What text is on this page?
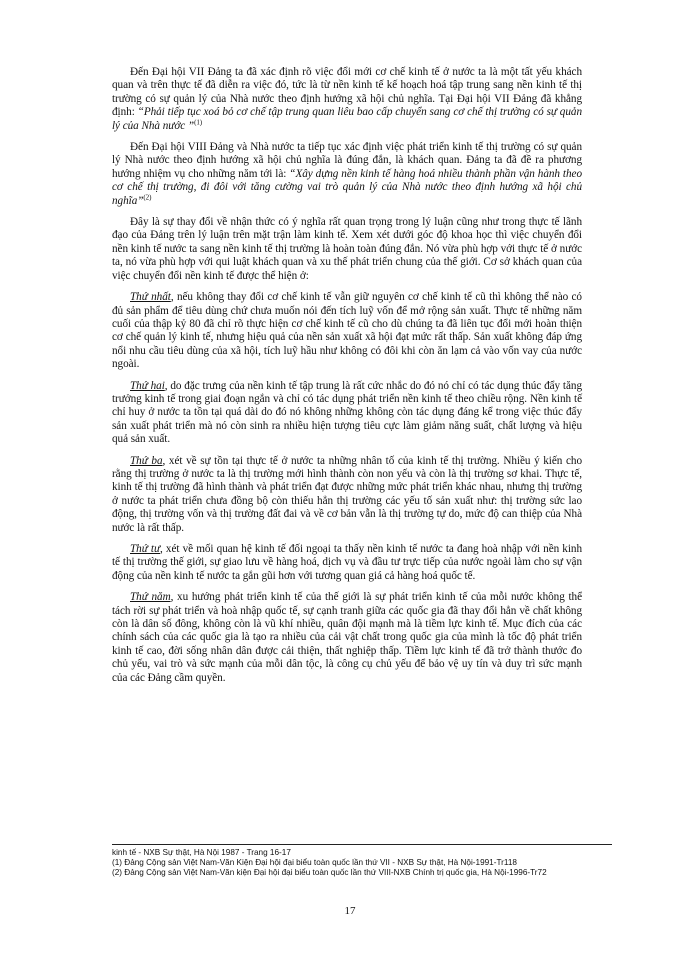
Đến Đại hội VII Đảng ta đã xác định rõ việc đổi mới cơ chế kinh tế ở nước ta là một tất yếu khách quan và trên thực tế đã diễn ra việc đó, tức là từ nền kinh tế kế hoạch hoá tập trung sang nền kinh tế thị trường có sự quản lý của Nhà nước theo định hướng xã hội chủ nghĩa. Tại Đại hội VII Đảng đã khẳng định: “Phải tiếp tục xoá bỏ cơ chế tập trung quan liêu bao cấp chuyển sang cơ chế thị trường có sự quản lý của Nhà nước ”$^{(1)}$

Đến Đại hội VIII Đảng và Nhà nước ta tiếp tục xác định việc phát triển kinh tế thị trường có sự quản lý Nhà nước theo định hướng xã hội chủ nghĩa là đúng đắn, là khách quan. Đảng ta đã đề ra phương hướng nhiệm vụ cho những năm tới là: “Xây dựng nền kinh tế hàng hoá nhiều thành phần vận hành theo cơ chế thị trường, đi đôi với tăng cường vai trò quản lý của Nhà nước theo định hướng xã hội chủ nghĩa”$^{(2)}$

Đây là sự thay đổi về nhận thức có ý nghĩa rất quan trọng trong lý luận cũng như trong thực tế lãnh đạo của Đảng trên lý luận trên mặt trận làm kinh tế. Xem xét dưới góc độ khoa học thì việc chuyển đổi nền kinh tế nước ta sang nền kinh tế thị trường là hoàn toàn đúng đắn. Nó vừa phù hợp với thực tế ở nước ta, nó vừa phù hợp với qui luật khách quan và xu thế phát triển chung của thế giới. Cơ sở khách quan của việc chuyển đổi nền kinh tế được thể hiện ở:

Thứ nhất, nếu không thay đổi cơ chế kinh tế vẫn giữ nguyên cơ chế kinh tế cũ thì không thể nào có đủ sản phẩm để tiêu dùng chứ chưa muốn nói đến tích luỹ vốn để mở rộng sản xuất. Thực tế những năm cuối của thập kỷ 80 đã chỉ rõ thực hiện cơ chế kinh tế cũ cho dù chúng ta đã liên tục đổi mới hoàn thiện cơ chế quản lý kinh tế, nhưng hiệu quả của nền sản xuất xã hội đạt mức rất thấp. Sản xuất không đáp ứng nổi nhu cầu tiêu dùng của xã hội, tích luỹ hầu như không có đôi khi còn ăn lạm cả vào vốn vay của nước ngoài.

Thứ hai, do đặc trưng của nền kinh tế tập trung là rất cức nhắc do đó nó chỉ có tác dụng thúc đẩy tăng trưởng kinh tế trong giai đoạn ngắn và chỉ có tác dụng phát triển nền kinh tế theo chiều rộng. Nền kinh tế chỉ huy ở nước ta tồn tại quá dài do đó nó không những không còn tác dụng đáng kể trong việc thúc đẩy sản xuất phát triển mà nó còn sinh ra nhiều hiện tượng tiêu cực làm giảm năng suất, chất lượng và hiệu quả sản xuất.

Thứ ba, xét về sự tồn tại thực tế ở nước ta những nhân tố của kinh tế thị trường. Nhiều ý kiến cho rằng thị trường ở nước ta là thị trường mới hình thành còn non yếu và còn là thị trường sơ khai. Thực tế, kinh tế thị trường đã hình thành và phát triển đạt được những mức phát triển khác nhau, nhưng thị trường ở nước ta phát triển chưa đồng bộ còn thiếu hẳn thị trường các yếu tố sản xuất như: thị trường sức lao động, thị trường vốn và thị trường đất đai và về cơ bản vẫn là thị trường tự do, mức độ can thiệp của Nhà nước là rất thấp.

Thứ tư, xét về mối quan hệ kinh tế đối ngoại ta thấy nền kinh tế nước ta đang hoà nhập với nền kinh tế thị trường thế giới, sự giao lưu về hàng hoá, dịch vụ và đầu tư trực tiếp của nước ngoài làm cho sự vận động của nền kinh tế nước ta gắn gũi hơn với tương quan giá cả hàng hoá quốc tế.

Thứ năm, xu hướng phát triển kinh tế của thế giới là sự phát triển kinh tế của mỗi nước không thể tách rời sự phát triển và hoà nhập quốc tế, sự cạnh tranh giữa các quốc gia đã thay đổi hẳn về chất không còn là dân số đông, không còn là vũ khí nhiều, quân đội mạnh mà là tiềm lực kinh tế. Mục đích của các chính sách của các quốc gia là tạo ra nhiều của cải vật chất trong quốc gia của mình là tốc độ phát triển kinh tế cao, đời sống nhân dân được cải thiện, thất nghiệp thấp. Tiềm lực kinh tế đã trở thành thước đo chủ yếu, vai trò và sức mạnh của mỗi dân tộc, là công cụ chủ yếu để bảo vệ uy tín và duy trì sức mạnh của các Đảng cầm quyền.

kinh tế - NXB Sự thật, Hà Nội 1987 - Trang 16-17

(1) Đảng Cộng sản Việt Nam-Văn Kiện Đại hội đại biểu toàn quốc lần thứ VII - NXB Sự thật, Hà Nội-1991-Tr118

(2) Đảng Cộng sản Việt Nam-Văn kiện Đại hội đại biểu toàn quốc lần thứ VIII-NXB Chính trị quốc gia, Hà Nội-1996-Tr72

17
